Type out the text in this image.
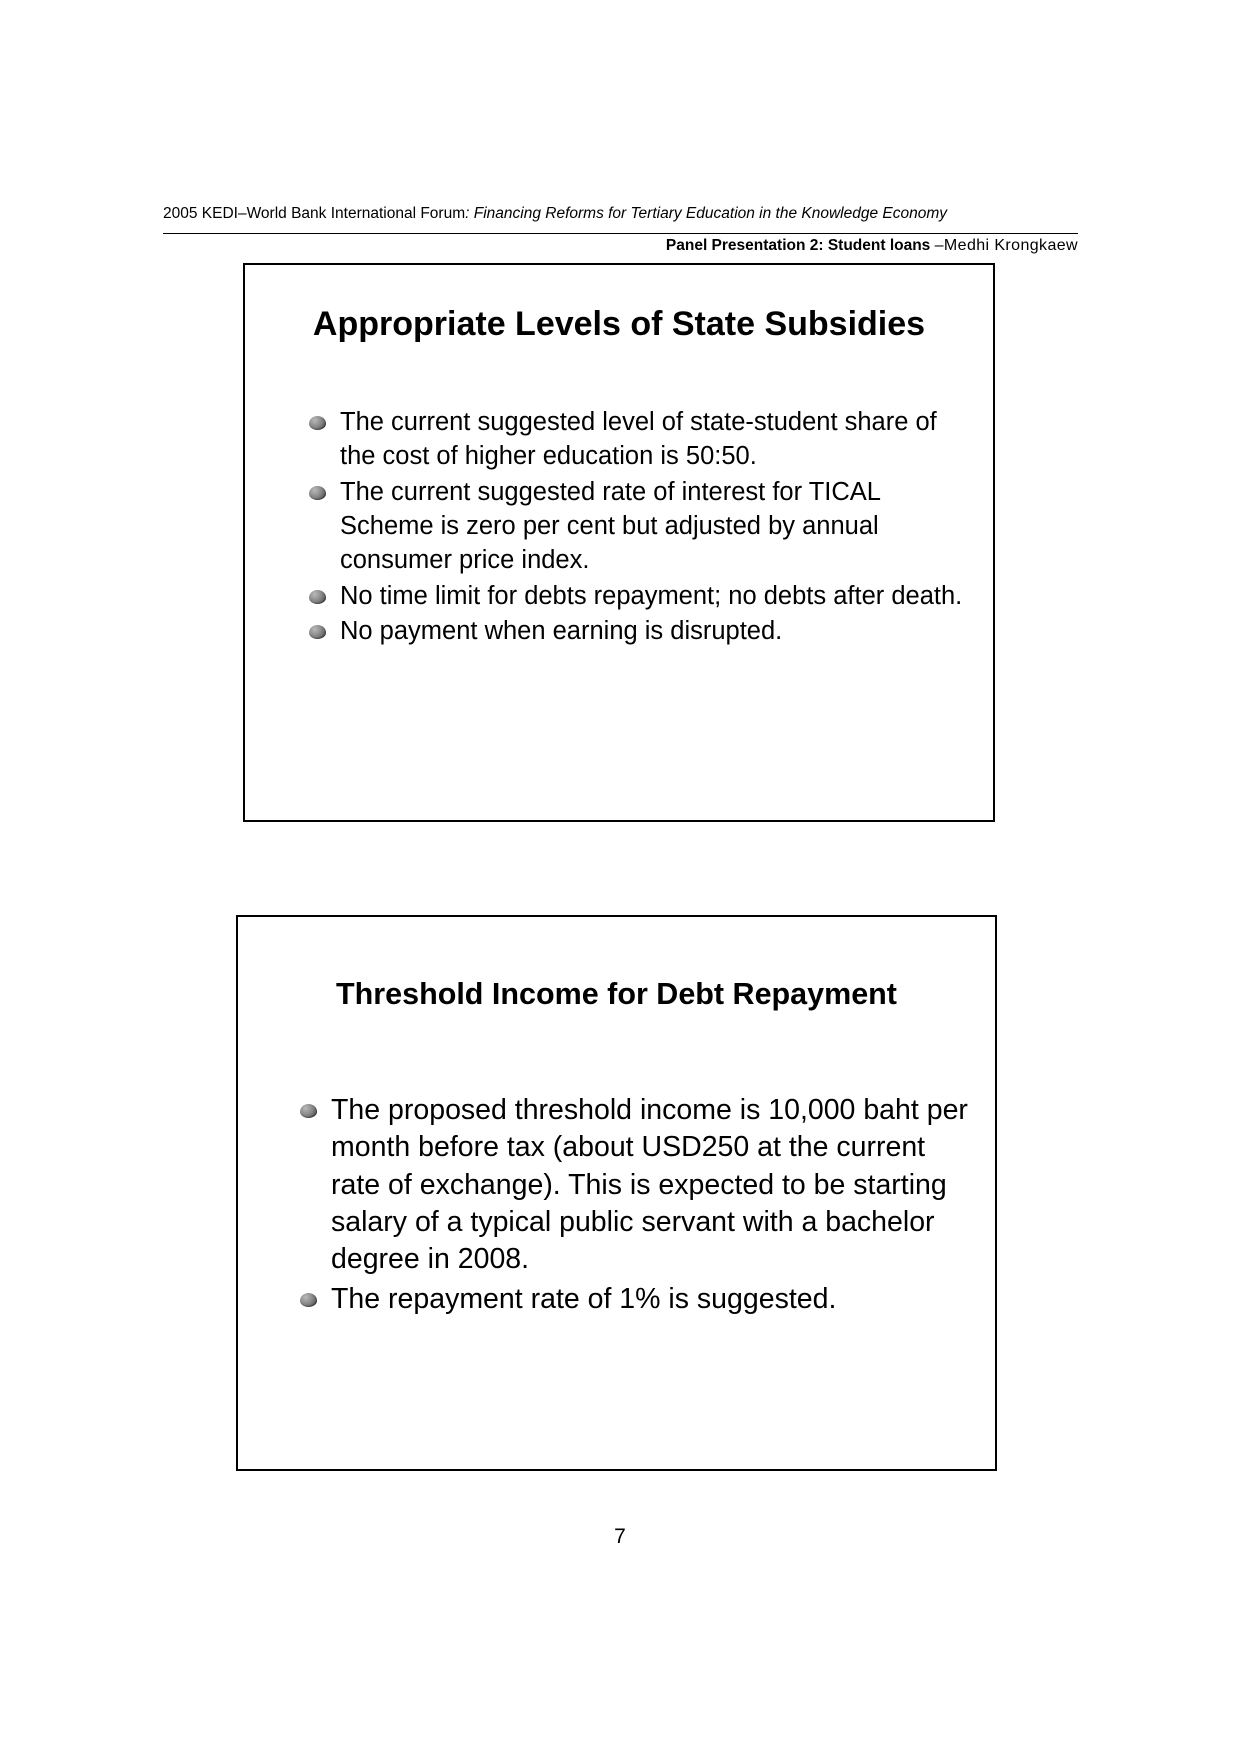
2005 KEDI–World Bank International Forum: Financing Reforms for Tertiary Education in the Knowledge Economy
Panel Presentation 2: Student loans –Medhi Krongkaew
Appropriate Levels of State Subsidies
The current suggested level of state-student share of the cost of higher education is 50:50.
The current suggested rate of interest for TICAL Scheme is zero per cent but adjusted by annual consumer price index.
No time limit for debts repayment; no debts after death.
No payment when earning is disrupted.
Threshold Income for Debt Repayment
The proposed threshold income is 10,000 baht per month before tax (about USD250 at the current rate of exchange). This is expected to be starting salary of a typical public servant with a bachelor degree in 2008.
The repayment rate of 1% is suggested.
7
